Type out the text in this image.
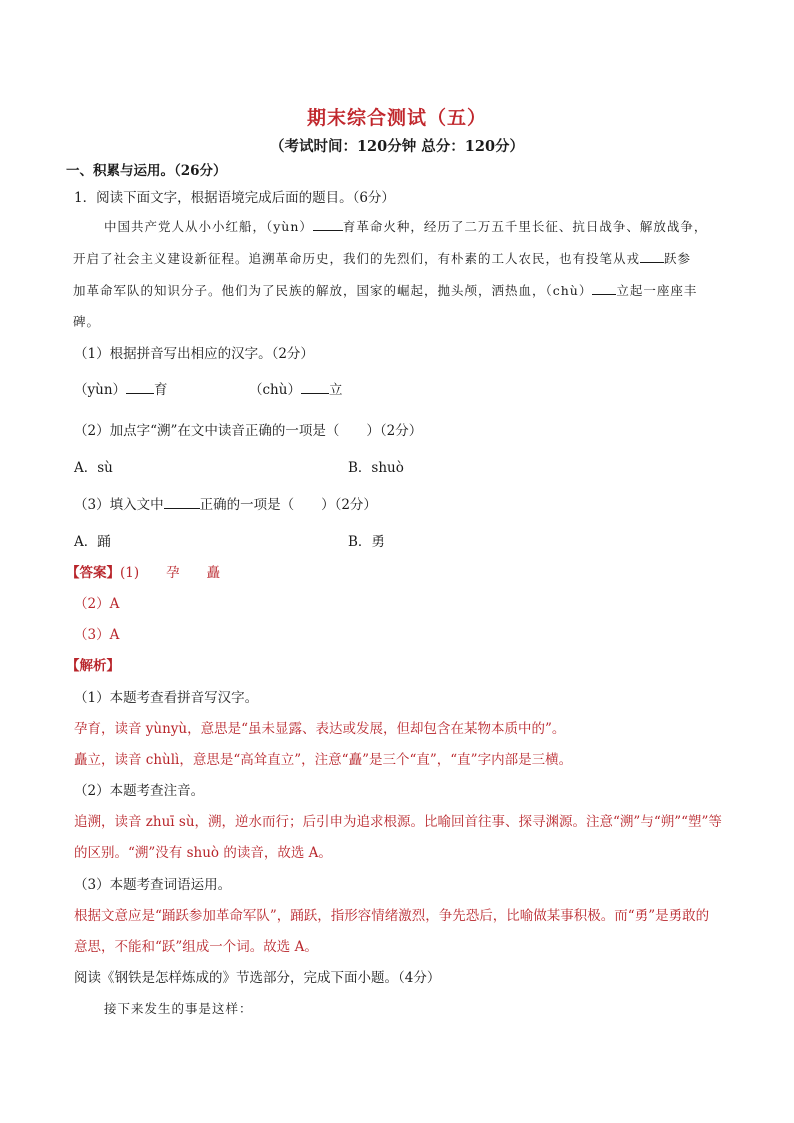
期末综合测试（五）
（考试时间：120分钟 总分：120分）
一、积累与运用。（26分）
1．阅读下面文字，根据语境完成后面的题目。（6分）
中国共产党人从小小红船，（yùn） 育革命火种，经历了二万五千里长征、抗日战争、解放战争，
开启了社会主义建设新征程。追溯革命历史，我们的先烈们，有朴素的工人农民，也有投笔从戎 跃参
加革命军队的知识分子。他们为了民族的解放，国家的崛起，抛头颅，洒热血，（chù） 立起一座座丰
碑。
（1）根据拼音写出相应的汉字。（2分）
（yùn） 育	（chù） 立
（2）加点字“溯”在文中读音正确的一项是（　　）（2分）
A．sù	B．shuò
（3）填入文中	正确的一项是（　　）（2分）
A．踊	B．勇
【答案】(1)　　孕　　矗
（2）A
（3）A
【解析】
（1）本题考查看拼音写汉字。
孕育，读音 yùnyù，意思是“虽未显露、表达或发展，但却包含在某物本质中的”。
矗立，读音 chùlì，意思是“高耸直立”，注意“矗”是三个“直”，“直”字内部是三横。
（2）本题考查注音。
追溯，读音 zhuī sù，溯，逆水而行；后引申为追求根源。比喻回首往事、探寻渊源。注意“溯”与“朔”“塑”等
的区别。“溯”没有 shuò 的读音，故选 A。
（3）本题考查词语运用。
根据文意应是“踊跃参加革命军队”，踊跃，指形容情绪激烈，争先恐后，比喻做某事积极。而“勇”是勇敢的
意思，不能和“跃”组成一个词。故选 A。
阅读《钢铁是怎样炼成的》节选部分，完成下面小题。（4分）
接下来发生的事是这样：
